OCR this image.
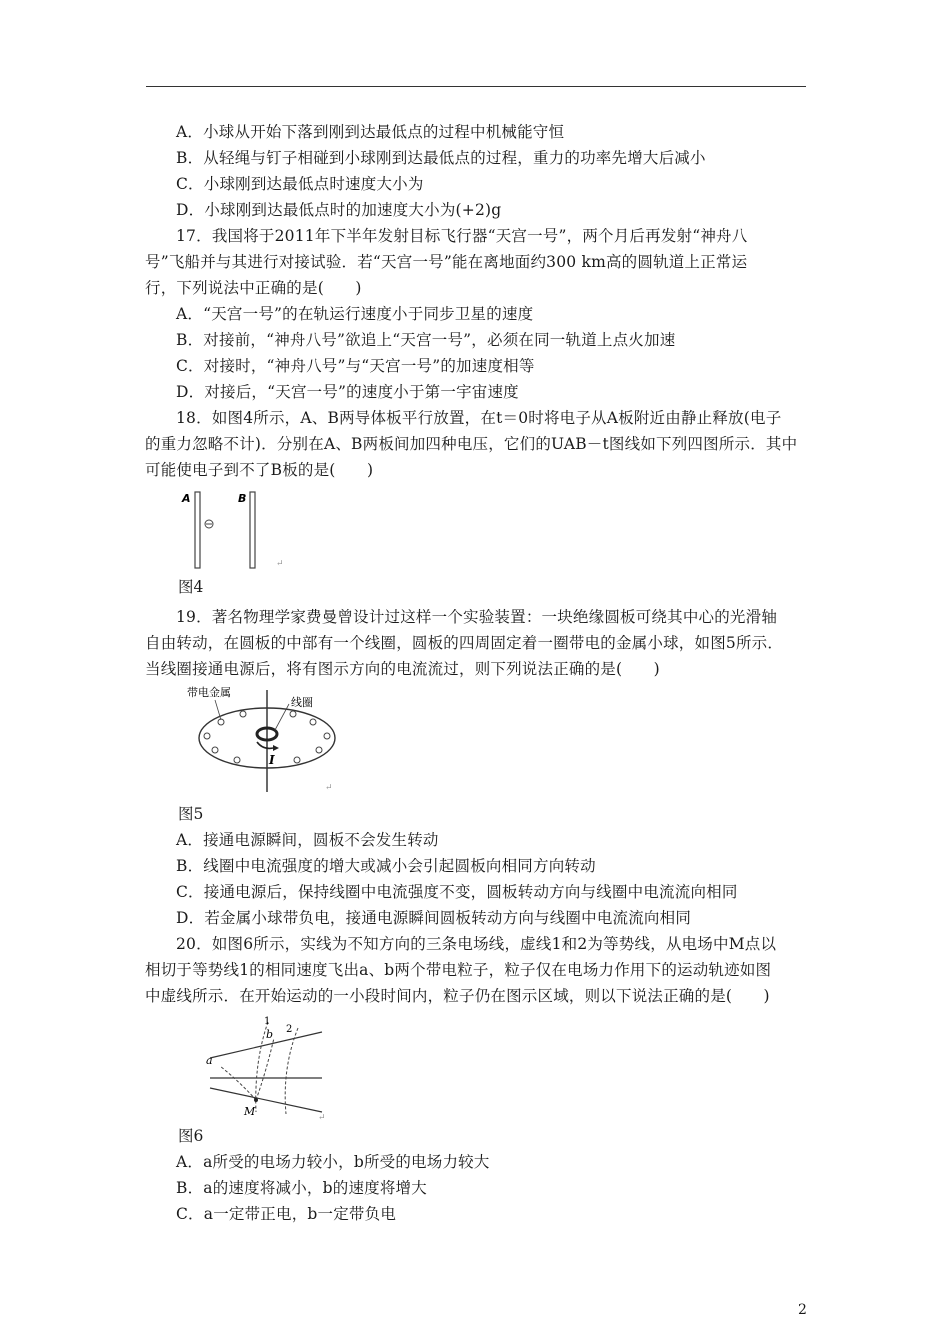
A．小球从开始下落到刚到达最低点的过程中机械能守恒
B．从轻绳与钉子相碰到小球刚到达最低点的过程，重力的功率先增大后减小
C．小球刚到达最低点时速度大小为
D．小球刚到达最低点时的加速度大小为(+2)g
17．我国将于2011年下半年发射目标飞行器“天宫一号”，两个月后再发射“神舟八
号”飞船并与其进行对接试验．若“天宫一号”能在离地面约300 km高的圆轨道上正常运
行，下列说法中正确的是(　　)
A．“天宫一号”的在轨运行速度小于同步卫星的速度
B．对接前，“神舟八号”欲追上“天宫一号”，必须在同一轨道上点火加速
C．对接时，“神舟八号”与“天宫一号”的加速度相等
D．对接后，“天宫一号”的速度小于第一宇宙速度
18．如图4所示，A、B两导体板平行放置，在t＝0时将电子从A板附近由静止释放(电子
的重力忽略不计)．分别在A、B两板间加四种电压，它们的UAB－t图线如下列四图所示．其中
可能使电子到不了B板的是(　　)
A	B
↵
图4
19．著名物理学家费曼曾设计过这样一个实验装置：一块绝缘圆板可绕其中心的光滑轴
自由转动，在圆板的中部有一个线圈，圆板的四周固定着一圈带电的金属小球，如图5所示．
当线圈接通电源后，将有图示方向的电流流过，则下列说法正确的是(　　)
I
带电金属
线圈
↵
图5
A．接通电源瞬间，圆板不会发生转动
B．线圈中电流强度的增大或减小会引起圆板向相同方向转动
C．接通电源后，保持线圈中电流强度不变，圆板转动方向与线圈中电流流向相同
D．若金属小球带负电，接通电源瞬间圆板转动方向与线圈中电流流向相同
20．如图6所示，实线为不知方向的三条电场线，虚线1和2为等势线，从电场中M点以
相切于等势线1的相同速度飞出a、b两个带电粒子，粒子仅在电场力作用下的运动轨迹如图
中虚线所示．在开始运动的一小段时间内，粒子仍在图示区域，则以下说法正确的是(　　)
1
2
a
b
M	↵
图6
A．a所受的电场力较小，b所受的电场力较大
B．a的速度将减小，b的速度将增大
C．a一定带正电，b一定带负电
2
